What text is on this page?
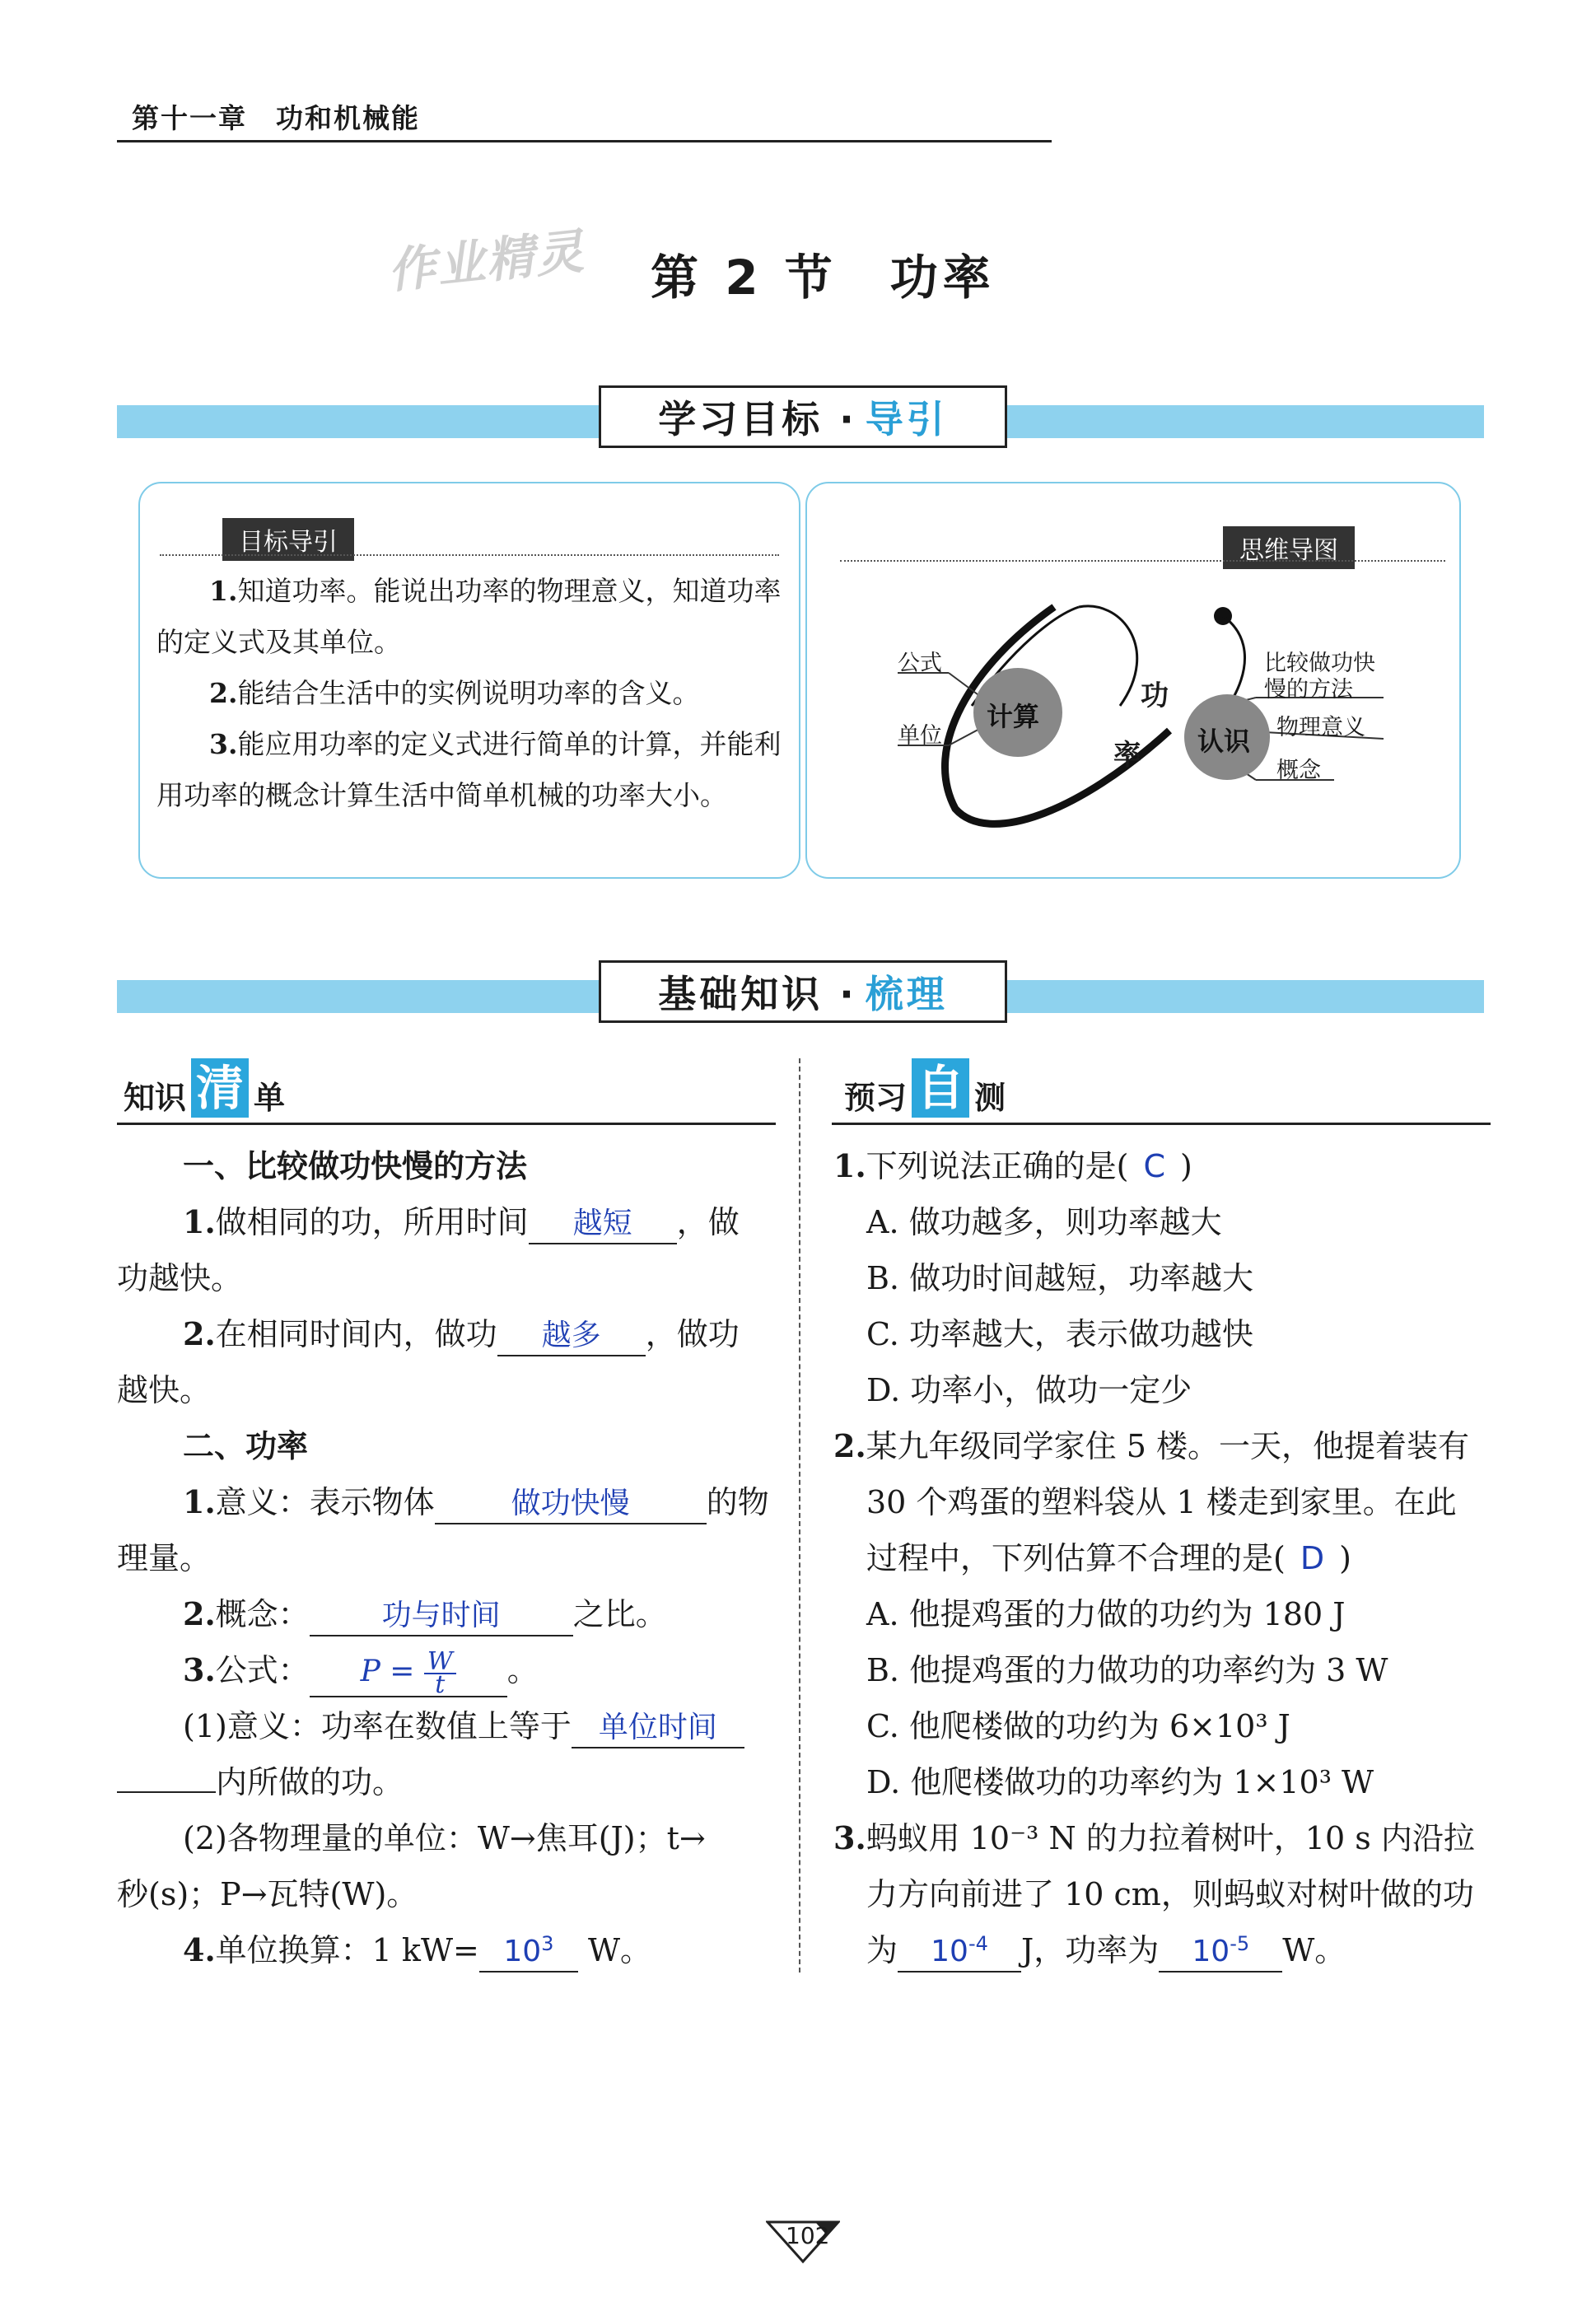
第十一章　功和机械能
作业精灵 第 2 节　功率
学习目标 · 导引
目标导引
1.知道功率。能说出功率的物理意义，知道功率的定义式及其单位。
2.能结合生活中的实例说明功率的含义。
3.能应用功率的定义式进行简单的计算，并能利用功率的概念计算生活中简单机械的功率大小。
思维导图
计算
认识
功
率
公式
单位
比较做功快
慢的方法
物理意义
概念
基础知识 · 梳理
知识 清 单
一、比较做功快慢的方法
1.做相同的功，所用时间 越短 ，做
功越快。
2.在相同时间内，做功 越多 ，做功
越快。
二、功率
1.意义：表示物体	做功快慢 的物
理量。
2.概念： 功与时间 之比。
3.公式： $P = \frac{W}{t}$ 。
(1)意义：功率在数值上等于 单位时间
内所做的功。
(2)各物理量的单位：W→焦耳(J)；t→
秒(s)；P→瓦特(W)。
4.单位换算：1 $kW= 10^3$ W。
预习 自 测
1.下列说法正确的是( C )
A. 做功越多，则功率越大
B. 做功时间越短，功率越大
C. 功率越大，表示做功越快
D. 功率小，做功一定少
2.某九年级同学家住 5 楼。一天，他提着装有
30 个鸡蛋的塑料袋从 1 楼走到家里。在此
过程中，下列估算不合理的是( D )
A. 他提鸡蛋的力做的功约为 180 J
B. 他提鸡蛋的力做功的功率约为 3 W
C. 他爬楼做的功约为 6×10³ J
D. 他爬楼做功的功率约为 1×10³ W
3.蚂蚁用 10⁻³ N 的力拉着树叶，10 s 内沿拉
力方向前进了 10 cm，则蚂蚁对树叶做的功
为 $10^{-4}$ J，功率为 $10^{-5}$ W。
102
